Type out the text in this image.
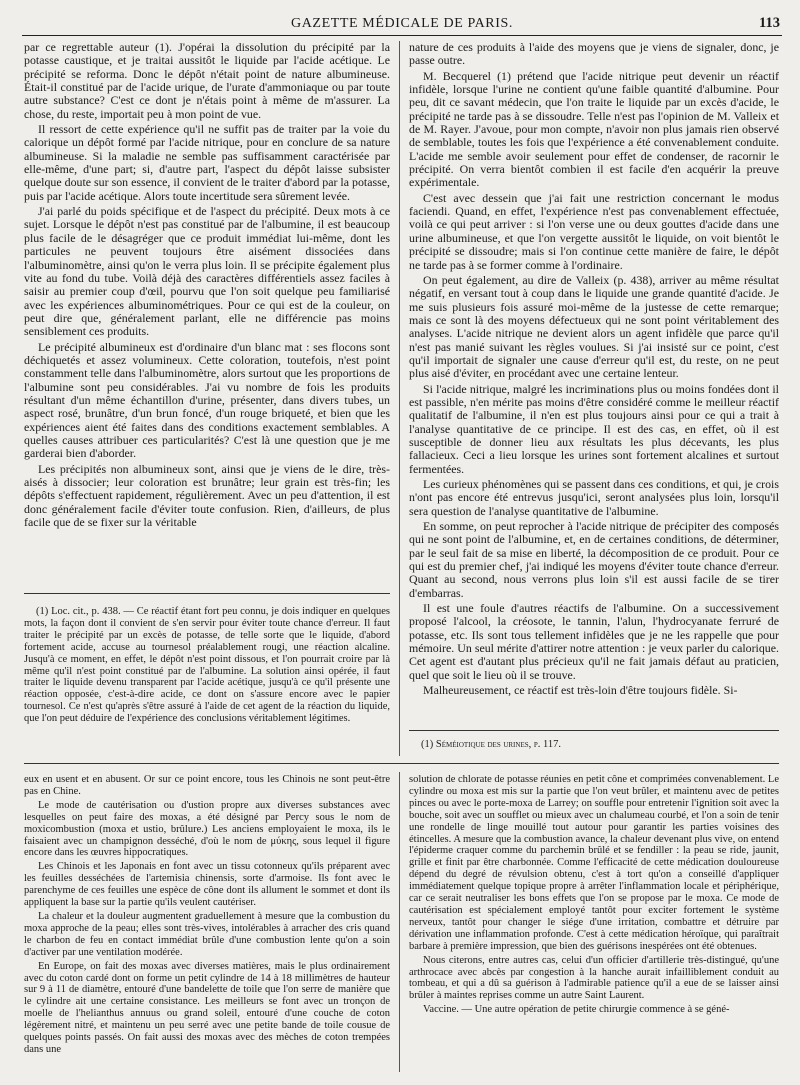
GAZETTE MÉDICALE DE PARIS.	113

par ce regrettable auteur (1). J'opérai la dissolution du précipité par la potasse caustique, et je traitai aussitôt le liquide par l'acide acétique. Le précipité se reforma. Donc le dépôt n'était point de nature albumineuse. Était-il constitué par de l'acide urique, de l'urate d'ammoniaque ou par toute autre substance? C'est ce dont je n'étais point à même de m'assurer. La chose, du reste, importait peu à mon point de vue.

Il ressort de cette expérience qu'il ne suffit pas de traiter par la voie du calorique un dépôt formé par l'acide nitrique, pour en conclure de sa nature albumineuse. Si la maladie ne semble pas suffisamment caractérisée par elle-même, d'une part; si, d'autre part, l'aspect du dépôt laisse subsister quelque doute sur son essence, il convient de le traiter d'abord par la potasse, puis par l'acide acétique. Alors toute incertitude sera sûrement levée.

J'ai parlé du poids spécifique et de l'aspect du précipité. Deux mots à ce sujet. Lorsque le dépôt n'est pas constitué par de l'albumine, il est beaucoup plus facile de le désagréger que ce produit immédiat lui-même, dont les particules ne peuvent toujours être aisément dissociées dans l'albuminomètre, ainsi qu'on le verra plus loin. Il se précipite également plus vite au fond du tube. Voilà déjà des caractères différentiels assez faciles à saisir au premier coup d'œil, pourvu que l'on soit quelque peu familiarisé avec les expériences albuminométriques. Pour ce qui est de la couleur, on peut dire que, généralement parlant, elle ne différencie pas moins sensiblement ces produits.

Le précipité albumineux est d'ordinaire d'un blanc mat : ses flocons sont déchiquetés et assez volumineux. Cette coloration, toutefois, n'est point constamment telle dans l'albuminomètre, alors surtout que les proportions de l'albumine sont peu considérables. J'ai vu nombre de fois les produits résultant d'un même échantillon d'urine, présenter, dans divers tubes, un aspect rosé, brunâtre, d'un brun foncé, d'un rouge briqueté, et bien que les expériences aient été faites dans des conditions exactement semblables. A quelles causes attribuer ces particularités? C'est là une question que je me garderai bien d'aborder.

Les précipités non albumineux sont, ainsi que je viens de le dire, très-aisés à dissocier; leur coloration est brunâtre; leur grain est très-fin; les dépôts s'effectuent rapidement, régulièrement. Avec un peu d'attention, il est donc généralement facile d'éviter toute confusion. Rien, d'ailleurs, de plus facile que de se fixer sur la véritable

(1) Loc. cit., p. 438. — Ce réactif étant fort peu connu, je dois indiquer en quelques mots, la façon dont il convient de s'en servir pour éviter toute chance d'erreur. Il faut traiter le précipité par un excès de potasse, de telle sorte que le liquide, d'abord fortement acide, accuse au tournesol préalablement rougi, une réaction alcaline. Jusqu'à ce moment, en effet, le dépôt n'est point dissous, et l'on pourrait croire par là même qu'il n'est point constitué par de l'albumine. La solution ainsi opérée, il faut traiter le liquide devenu transparent par l'acide acétique, jusqu'à ce qu'il présente une réaction opposée, c'est-à-dire acide, ce dont on s'assure encore avec le papier tournesol. Ce n'est qu'après s'être assuré à l'aide de cet agent de la réaction du liquide, que l'on peut déduire de l'expérience des conclusions véritablement légitimes.

nature de ces produits à l'aide des moyens que je viens de signaler, donc, je passe outre.

M. Becquerel (1) prétend que l'acide nitrique peut devenir un réactif infidèle, lorsque l'urine ne contient qu'une faible quantité d'albumine. Pour peu, dit ce savant médecin, que l'on traite le liquide par un excès d'acide, le précipité ne tarde pas à se dissoudre. Telle n'est pas l'opinion de M. Valleix et de M. Rayer. J'avoue, pour mon compte, n'avoir non plus jamais rien observé de semblable, toutes les fois que l'expérience a été convenablement conduite. L'acide me semble avoir seulement pour effet de condenser, de racornir le précipité. On verra bientôt combien il est facile d'en acquérir la preuve expérimentale.

C'est avec dessein que j'ai fait une restriction concernant le modus faciendi. Quand, en effet, l'expérience n'est pas convenablement effectuée, voilà ce qui peut arriver : si l'on verse une ou deux gouttes d'acide dans une urine albumineuse, et que l'on vergette aussitôt le liquide, on voit bientôt le précipité se dissoudre; mais si l'on continue cette manière de faire, le dépôt ne tarde pas à se former comme à l'ordinaire.

On peut également, au dire de Valleix (p. 438), arriver au même résultat négatif, en versant tout à coup dans le liquide une grande quantité d'acide. Je me suis plusieurs fois assuré moi-même de la justesse de cette remarque; mais ce sont là des moyens défectueux qui ne sont point véritablement des analyses. L'acide nitrique ne devient alors un agent infidèle que parce qu'il n'est pas manié suivant les règles voulues. Si j'ai insisté sur ce point, c'est qu'il importait de signaler une cause d'erreur qu'il est, du reste, on ne peut plus aisé d'éviter, en procédant avec une certaine lenteur.

Si l'acide nitrique, malgré les incriminations plus ou moins fondées dont il est passible, n'en mérite pas moins d'être considéré comme le meilleur réactif qualitatif de l'albumine, il n'en est plus toujours ainsi pour ce qui a trait à l'analyse quantitative de ce principe. Il est des cas, en effet, où il est susceptible de donner lieu aux résultats les plus décevants, les plus fallacieux. Ceci a lieu lorsque les urines sont fortement alcalines et surtout fermentées.

Les curieux phénomènes qui se passent dans ces conditions, et qui, je crois n'ont pas encore été entrevus jusqu'ici, seront analysées plus loin, lorsqu'il sera question de l'analyse quantitative de l'albumine.

En somme, on peut reprocher à l'acide nitrique de précipiter des composés qui ne sont point de l'albumine, et, en de certaines conditions, de déterminer, par le seul fait de sa mise en liberté, la décomposition de ce produit. Pour ce qui est du premier chef, j'ai indiqué les moyens d'éviter toute chance d'erreur. Quant au second, nous verrons plus loin s'il est aussi facile de se tirer d'embarras.

Il est une foule d'autres réactifs de l'albumine. On a successivement proposé l'alcool, la créosote, le tannin, l'alun, l'hydrocyanate ferruré de potasse, etc. Ils sont tous tellement infidèles que je ne les rappelle que pour mémoire. Un seul mérite d'attirer notre attention : je veux parler du calorique. Cet agent est d'autant plus précieux qu'il ne fait jamais défaut au praticien, quel que soit le lieu où il se trouve.

Malheureusement, ce réactif est très-loin d'être toujours fidèle. Si-

(1) Séméiotique des urines, p. 117.

eux en usent et en abusent. Or sur ce point encore, tous les Chinois ne sont peut-être pas en Chine.

Le mode de cautérisation ou d'ustion propre aux diverses substances avec lesquelles on peut faire des moxas, a été désigné par Percy sous le nom de moxicombustion (moxa et ustio, brûlure.) Les anciens employaient le moxa, ils le faisaient avec un champignon desséché, d'où le nom de μύκης, sous lequel il figure encore dans les œuvres hippocratiques.

Les Chinois et les Japonais en font avec un tissu cotonneux qu'ils préparent avec les feuilles desséchées de l'artemisia chinensis, sorte d'armoise. Ils font avec le parenchyme de ces feuilles une espèce de cône dont ils allument le sommet et dont ils appliquent la base sur la partie qu'ils veulent cautériser.

La chaleur et la douleur augmentent graduellement à mesure que la combustion du moxa approche de la peau; elles sont très-vives, intolérables à arracher des cris quand le charbon de feu en contact immédiat brûle d'une combustion lente qu'on a soin d'activer par une ventilation modérée.

En Europe, on fait des moxas avec diverses matières, mais le plus ordinairement avec du coton cardé dont on forme un petit cylindre de 14 à 18 millimètres de hauteur sur 9 à 11 de diamètre, entouré d'une bandelette de toile que l'on serre de manière que le cylindre ait une certaine consistance. Les meilleurs se font avec un tronçon de moelle de l'helianthus annuus ou grand soleil, entouré d'une couche de coton légèrement nitré, et maintenu un peu serré avec une petite bande de toile cousue de quelques points passés. On fait aussi des moxas avec des mèches de coton trempées dans une

solution de chlorate de potasse réunies en petit cône et comprimées convenablement. Le cylindre ou moxa est mis sur la partie que l'on veut brûler, et maintenu avec de petites pinces ou avec le porte-moxa de Larrey; on souffle pour entretenir l'ignition soit avec la bouche, soit avec un soufflet ou mieux avec un chalumeau courbé, et l'on a soin de tenir une rondelle de linge mouillé tout autour pour garantir les parties voisines des étincelles. A mesure que la combustion avance, la chaleur devenant plus vive, on entend l'épiderme craquer comme du parchemin brûlé et se fendiller : la peau se ride, jaunit, grille et finit par être charbonnée. Comme l'efficacité de cette médication douloureuse dépend du degré de révulsion obtenu, c'est à tort qu'on a conseillé d'appliquer immédiatement quelque topique propre à arrêter l'inflammation locale et périphérique, car ce serait neutraliser les bons effets que l'on se propose par le moxa. Ce mode de cautérisation est spécialement employé tantôt pour exciter fortement le système nerveux, tantôt pour changer le siége d'une irritation, combattre et détruire par dérivation une inflammation profonde. C'est à cette médication héroïque, qui paraîtrait barbare à première impression, que bien des guérisons inespérées ont été obtenues.

Nous citerons, entre autres cas, celui d'un officier d'artillerie très-distingué, qu'une arthrocace avec abcès par congestion à la hanche aurait infailliblement conduit au tombeau, et qui a dû sa guérison à l'admirable patience qu'il a eue de se laisser ainsi brûler à maintes reprises comme un autre Saint Laurent.

Vaccine. — Une autre opération de petite chirurgie commence à se géné-
